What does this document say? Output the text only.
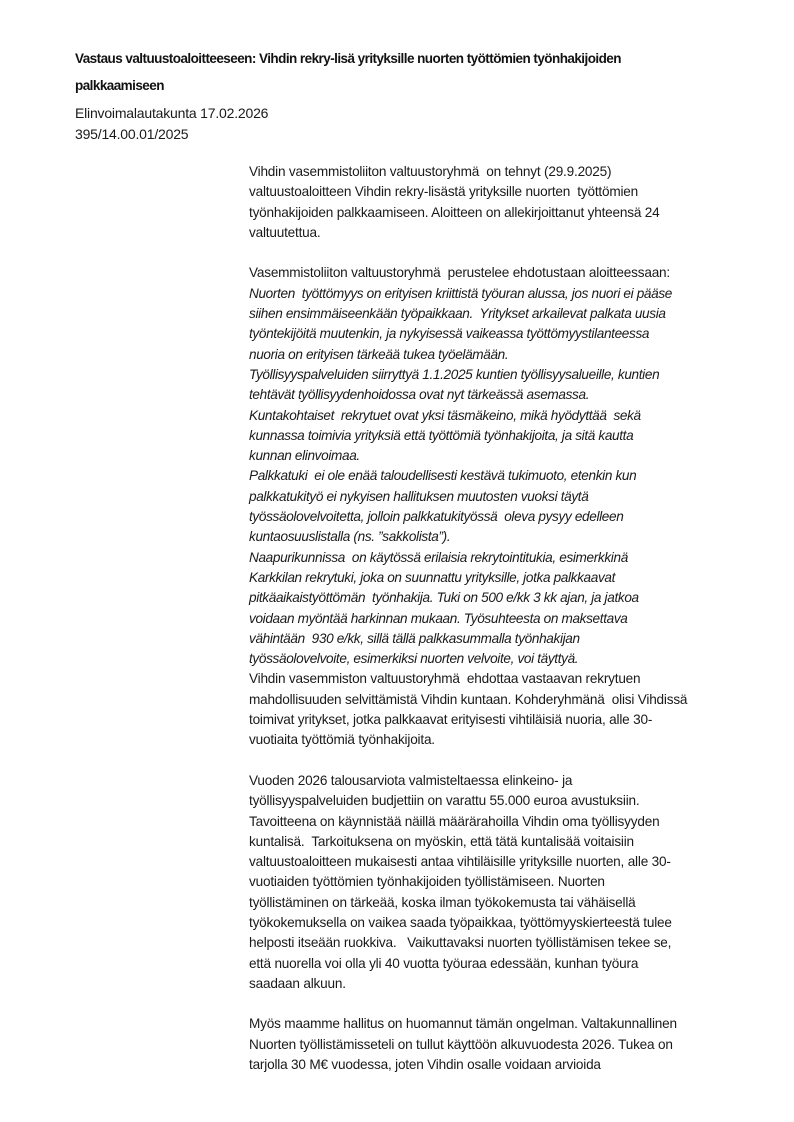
Vastaus valtuustoaloitteeseen: Vihdin rekry-lisä yrityksille nuorten työttömien työnhakijoiden
palkkaamiseen
Elinvoimalautakunta 17.02.2026
395/14.00.01/2025
Vihdin vasemmistoliiton valtuustoryhmä  on tehnyt (29.9.2025)
valtuustoaloitteen Vihdin rekry-lisästä yrityksille nuorten  työttömien
työnhakijoiden palkkaamiseen. Aloitteen on allekirjoittanut yhteensä 24
valtuutettua.
Vasemmistoliiton valtuustoryhmä  perustelee ehdotustaan aloitteessaan:
Nuorten  työttömyys on erityisen kriittistä työuran alussa, jos nuori ei pääse
siihen ensimmäiseenkään työpaikkaan.  Yritykset arkailevat palkata uusia
työntekijöitä muutenkin, ja nykyisessä vaikeassa työttömyystilanteessa
nuoria on erityisen tärkeää tukea työelämään.
Työllisyyspalveluiden siirryttyä 1.1.2025 kuntien työllisyysalueille, kuntien
tehtävät työllisyydenhoidossa ovat nyt tärkeässä asemassa.
Kuntakohtaiset  rekrytuet ovat yksi täsmäkeino, mikä hyödyttää  sekä
kunnassa toimivia yrityksiä että työttömiä työnhakijoita, ja sitä kautta
kunnan elinvoimaa.
Palkkatuki  ei ole enää taloudellisesti kestävä tukimuoto, etenkin kun
palkkatukityö ei nykyisen hallituksen muutosten vuoksi täytä
työssäolovelvoitetta, jolloin palkkatukityössä  oleva pysyy edelleen
kuntaosuuslistalla (ns. ”sakkolista”).
Naapurikunnissa  on käytössä erilaisia rekrytointitukia, esimerkkinä
Karkkilan rekrytuki, joka on suunnattu yrityksille, jotka palkkaavat
pitkäaikaistyöttömän  työnhakija. Tuki on 500 e/kk 3 kk ajan, ja jatkoa
voidaan myöntää harkinnan mukaan. Työsuhteesta on maksettava
vähintään  930 e/kk, sillä tällä palkkasummalla työnhakijan
työssäolovelvoite, esimerkiksi nuorten velvoite, voi täyttyä.
Vihdin vasemmiston valtuustoryhmä  ehdottaa vastaavan rekrytuen
mahdollisuuden selvittämistä Vihdin kuntaan. Kohderyhmänä  olisi Vihdissä
toimivat yritykset, jotka palkkaavat erityisesti vihtiläisiä nuoria, alle 30-
vuotiaita työttömiä työnhakijoita.
Vuoden 2026 talousarviota valmisteltaessa elinkeino- ja
työllisyyspalveluiden budjettiin on varattu 55.000 euroa avustuksiin.
Tavoitteena on käynnistää näillä määrärahoilla Vihdin oma työllisyyden
kuntalisä.  Tarkoituksena on myöskin, että tätä kuntalisää voitaisiin
valtuustoaloitteen mukaisesti antaa vihtiläisille yrityksille nuorten, alle 30-
vuotiaiden työttömien työnhakijoiden työllistämiseen. Nuorten
työllistäminen on tärkeää, koska ilman työkokemusta tai vähäisellä
työkokemuksella on vaikea saada työpaikkaa, työttömyyskierteestä tulee
helposti itseään ruokkiva.   Vaikuttavaksi nuorten työllistämisen tekee se,
että nuorella voi olla yli 40 vuotta työuraa edessään, kunhan työura
saadaan alkuun.
Myös maamme hallitus on huomannut tämän ongelman. Valtakunnallinen
Nuorten työllistämisseteli on tullut käyttöön alkuvuodesta 2026. Tukea on
tarjolla 30 M€ vuodessa, joten Vihdin osalle voidaan arvioida
